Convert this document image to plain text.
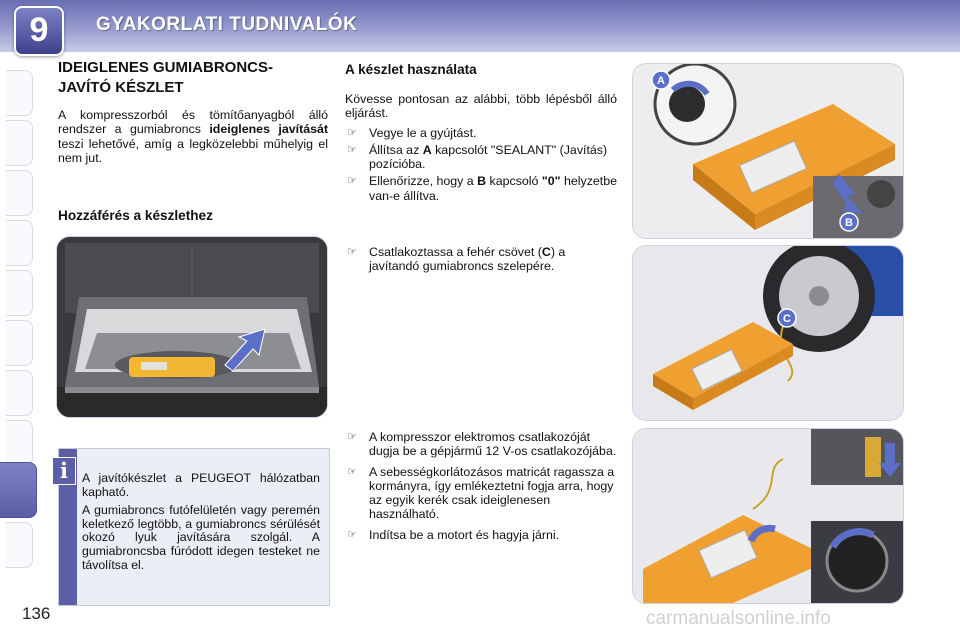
9	GYAKORLATI TUDNIVALÓK
IDEIGLENES GUMIABRONCS-
JAVÍTÓ KÉSZLET

A kompresszorból és tömítőanyagból álló rendszer a gumiabroncs ideiglenes javítását teszi lehetővé, amíg a legközelebbi műhelyig el nem jut.

Hozzáférés a készlethez
i	A javítókészlet a PEUGEOT hálózatban kapható.

A gumiabroncs futófelületén vagy peremén keletkező legtöbb, a gumiabroncs sérülését okozó lyuk javítására szolgál. A gumiabroncsba fúródott idegen testeket ne távolítsa el.

136
A készlet használata

Kövesse pontosan az alábbi, több lépésből álló eljárást.

☞ Vegye le a gyújtást.
☞ Állítsa az A kapcsolót "SEALANT" (Javítás) pozícióba.
☞ Ellenőrizze, hogy a B kapcsoló "0" helyzetbe van-e állítva.
☞ Csatlakoztassa a fehér csövet (C) a javítandó gumiabroncs szelepére.
☞ A kompresszor elektromos csatlakozóját dugja be a gépjármű 12 V-os csatlakozójába.
☞ A sebességkorlátozásos matricát ragassza a kormányra, így emlékeztetni fogja arra, hogy az egyik kerék csak ideiglenesen használható.
☞ Indítsa be a motort és hagyja járni.
A
B
C
carmanualsonline.info
